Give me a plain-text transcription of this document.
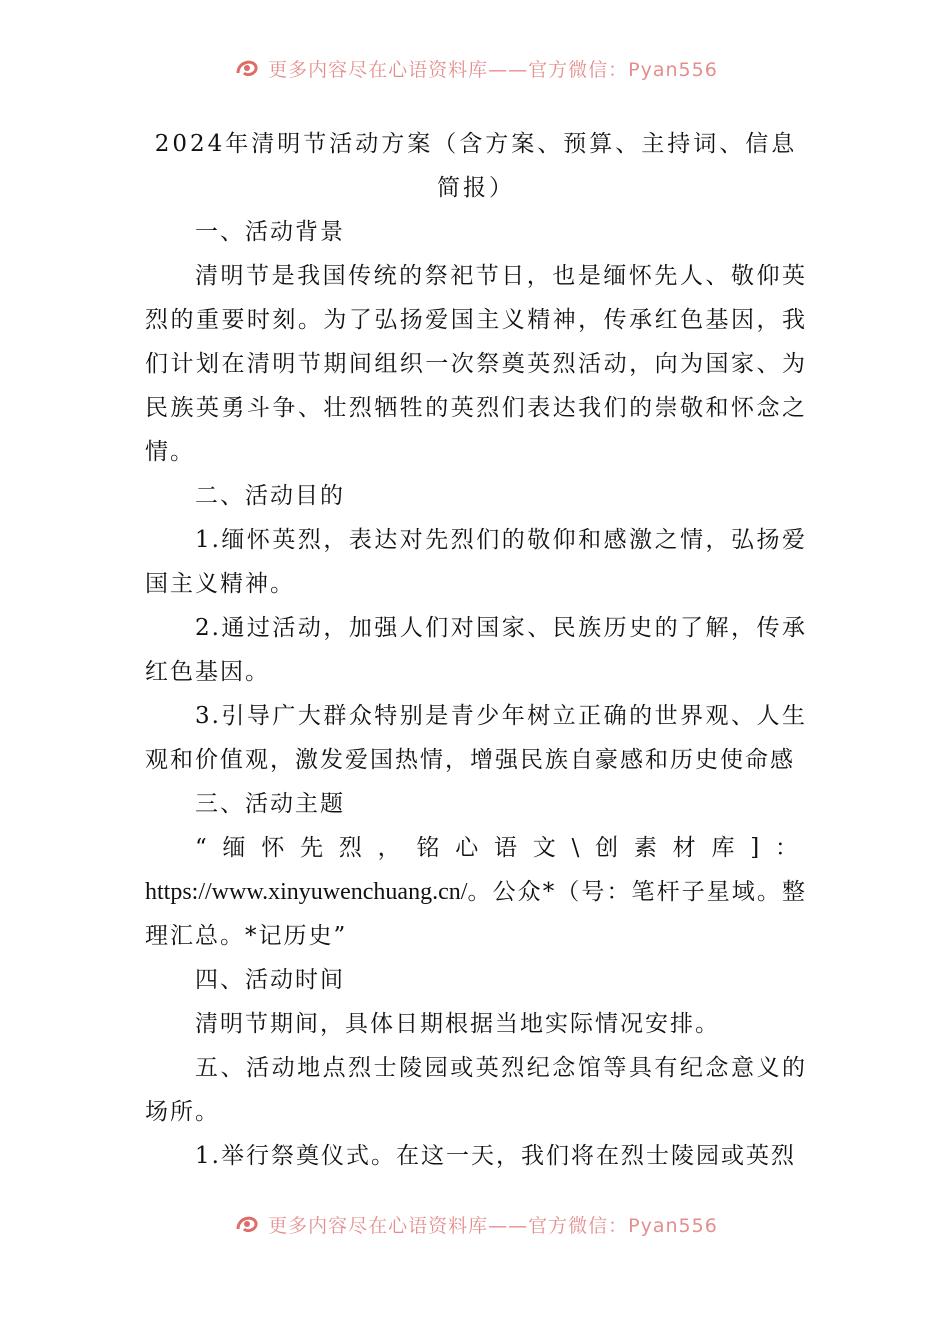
更多内容尽在心语资料库——官方微信：Pyan556
2024年清明节活动方案（含方案、预算、主持词、信息简报）

一、活动背景

清明节是我国传统的祭祀节日，也是缅怀先人、敬仰英烈的重要时刻。为了弘扬爱国主义精神，传承红色基因，我们计划在清明节期间组织一次祭奠英烈活动，向为国家、为民族英勇斗争、壮烈牺牲的英烈们表达我们的崇敬和怀念之情。

二、活动目的

1.缅怀英烈，表达对先烈们的敬仰和感激之情，弘扬爱国主义精神。

2.通过活动，加强人们对国家、民族历史的了解，传承红色基因。

3.引导广大群众特别是青少年树立正确的世界观、人生观和价值观，激发爱国热情，增强民族自豪感和历史使命感

三、活动主题

“缅怀先烈，铭心语文\创素材库]：https://www.xinyuwenchuang.cn/。公众*（号：笔杆子星域。整理汇总。*记历史”

四、活动时间

清明节期间，具体日期根据当地实际情况安排。

五、活动地点烈士陵园或英烈纪念馆等具有纪念意义的场所。

1.举行祭奠仪式。在这一天，我们将在烈士陵园或英烈

更多内容尽在心语资料库——官方微信：Pyan556
